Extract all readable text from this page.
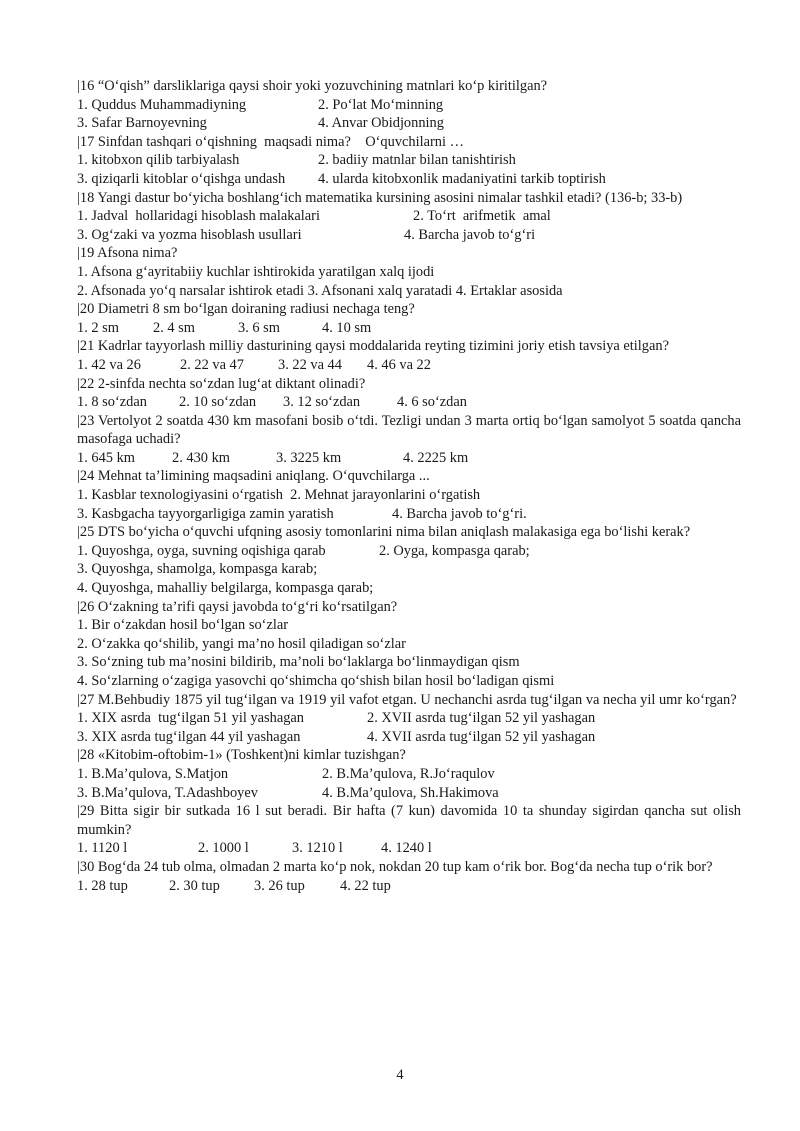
|16 “O‘qish” darsliklariga qaysi shoir yoki yozuvchining matnlari ko‘p kiritilgan?
1. Quddus Muhammadiyning	2. Po‘lat Mo‘minning
3. Safar Barnoyevning	4. Anvar Obidjonning
|17 Sinfdan tashqari o‘qishning  maqsadi nima?    O‘quvchilarni …
1. kitobxon qilib tarbiyalash	2. badiiy matnlar bilan tanishtirish
3. qiziqarli kitoblar o‘qishga undash	4. ularda kitobxonlik madaniyatini tarkib toptirish
|18 Yangi dastur bo‘yicha boshlang‘ich matematika kursining asosini nimalar tashkil etadi? (136-b; 33-b)
1. Jadval  hollaridagi hisoblash malakalari	2. To‘rt  arifmetik  amal
3. Og‘zaki va yozma hisoblash usullari	4. Barcha javob to‘g‘ri
|19 Afsona nima?
1. Afsona g‘ayritabiiy kuchlar ishtirokida yaratilgan xalq ijodi
2. Afsonada yo‘q narsalar ishtirok etadi 3. Afsonani xalq yaratadi 4. Ertaklar asosida
|20 Diametri 8 sm bo‘lgan doiraning radiusi nechaga teng?
1. 2 sm	2. 4 sm	3. 6 sm	4. 10 sm
|21 Kadrlar tayyorlash milliy dasturining qaysi moddalarida reyting tizimini joriy etish tavsiya etilgan?
1. 42 va 26	2. 22 va 47	3. 22 va 44	4. 46 va 22
|22 2-sinfda nechta so‘zdan lug‘at diktant olinadi?
1. 8 so‘zdan	2. 10 so‘zdan	3. 12 so‘zdan	4. 6 so‘zdan
|23 Vertolyot 2 soatda 430 km masofani bosib o‘tdi. Tezligi undan 3 marta ortiq bo‘lgan samolyot 5 soatda qancha masofaga uchadi?
1. 645 km	2. 430 km	3. 3225 km	4. 2225 km
|24 Mehnat ta’limining maqsadini aniqlang. O‘quvchilarga ...
1. Kasblar texnologiyasini o‘rgatish  2. Mehnat jarayonlarini o‘rgatish
3. Kasbgacha tayyorgarligiga zamin yaratish	4. Barcha javob to‘g‘ri.
|25 DTS bo‘yicha o‘quvchi ufqning asosiy tomonlarini nima bilan aniqlash malakasiga ega bo‘lishi kerak?
1. Quyoshga, oyga, suvning oqishiga qarab	2. Oyga, kompasga qarab;
3. Quyoshga, shamolga, kompasga karab;
4. Quyoshga, mahalliy belgilarga, kompasga qarab;
|26 O‘zakning ta’rifi qaysi javobda to‘g‘ri ko‘rsatilgan?
1. Bir o‘zakdan hosil bo‘lgan so‘zlar
2. O‘zakka qo‘shilib, yangi ma’no hosil qiladigan so‘zlar
3. So‘zning tub ma’nosini bildirib, ma’noli bo‘laklarga bo‘linmaydigan qism
4. So‘zlarning o‘zagiga yasovchi qo‘shimcha qo‘shish bilan hosil bo‘ladigan qismi
|27 M.Behbudiy 1875 yil tug‘ilgan va 1919 yil vafot etgan. U nechanchi asrda tug‘ilgan va necha yil umr ko‘rgan?
1. XIX asrda  tug‘ilgan 51 yil yashagan	2. XVII asrda tug‘ilgan 52 yil yashagan
3. XIX asrda tug‘ilgan 44 yil yashagan	4. XVII asrda tug‘ilgan 52 yil yashagan
|28 «Kitobim-oftobim-1» (Toshkent)ni kimlar tuzishgan?
1. B.Ma’qulova, S.Matjon	2. B.Ma’qulova, R.Jo‘raqulov
3. B.Ma’qulova, T.Adashboyev	4. B.Ma’qulova, Sh.Hakimova
|29 Bitta sigir bir sutkada 16 l sut beradi. Bir hafta (7 kun) davomida 10 ta shunday sigirdan qancha sut olish mumkin?
1. 1120 l	2. 1000 l	3. 1210 l	4. 1240 l
|30 Bog‘da 24 tub olma, olmadan 2 marta ko‘p nok, nokdan 20 tup kam o‘rik bor. Bog‘da necha tup o‘rik bor?
1. 28 tup	2. 30 tup	3. 26 tup	4. 22 tup
4
